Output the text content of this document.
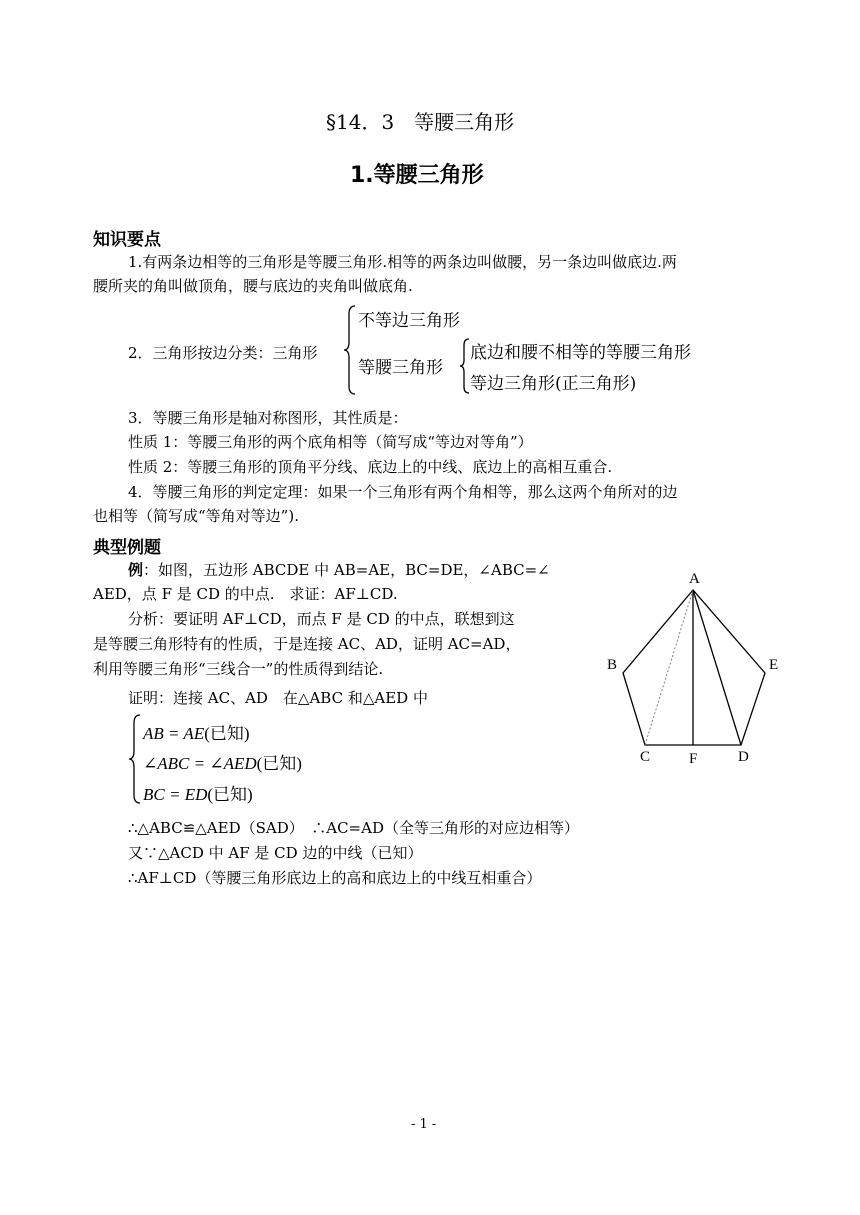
§14．3　等腰三角形
1.等腰三角形
知识要点
1.有两条边相等的三角形是等腰三角形.相等的两条边叫做腰，另一条边叫做底边.两
腰所夹的角叫做顶角，腰与底边的夹角叫做底角.
2．三角形按边分类：三角形
不等边三角形
等腰三角形
底边和腰不相等的等腰三角形
等边三角形(正三角形)
3．等腰三角形是轴对称图形，其性质是：
性质 1：等腰三角形的两个底角相等（简写成“等边对等角”）
性质 2：等腰三角形的顶角平分线、底边上的中线、底边上的高相互重合.
4．等腰三角形的判定定理：如果一个三角形有两个角相等，那么这两个角所对的边
也相等（简写成“等角对等边”).
典型例题
例：如图，五边形 ABCDE 中 AB=AE，BC=DE，∠ABC=∠
AED，点 F 是 CD 的中点.　求证：AF⊥CD.
分析：要证明 AF⊥CD，而点 F 是 CD 的中点，联想到这
是等腰三角形特有的性质，于是连接 AC、AD，证明 AC=AD，
利用等腰三角形“三线合一”的性质得到结论.
证明：连接 AC、AD　在△ABC 和△AED 中
AB = AE(已知)
∠ABC = ∠AED(已知)
BC = ED(已知)
∴△ABC≌△AED（SAD）　∴AC=AD（全等三角形的对应边相等）
又∵△ACD 中 AF 是 CD 边的中线（已知）
∴AF⊥CD（等腰三角形底边上的高和底边上的中线互相重合）
A
B	E
C	F	D
- 1 -
